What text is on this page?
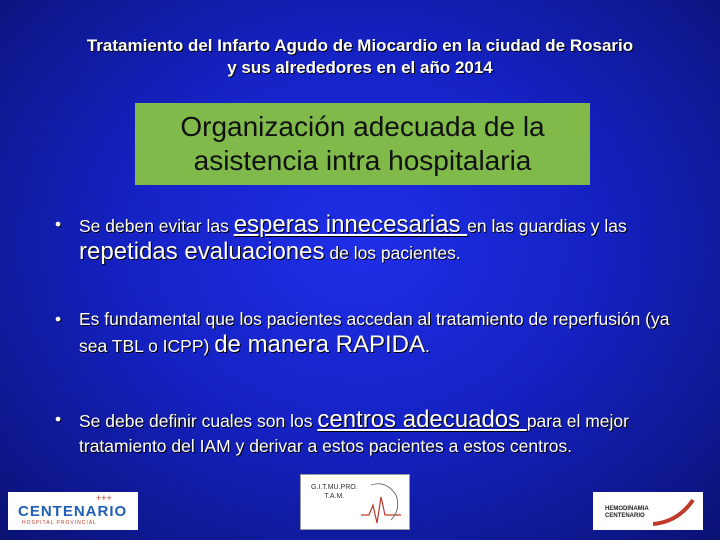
Tratamiento del Infarto Agudo de Miocardio en la ciudad de Rosario
y sus alrededores en el año 2014
Organización adecuada de la
asistencia intra hospitalaria
• Se deben evitar las esperas innecesarias en las guardias y las repetidas evaluaciones de los pacientes.
• Es fundamental que los pacientes accedan al tratamiento de reperfusión (ya sea TBL o ICPP) de manera RAPIDA.
• Se debe definir cuales son los centros adecuados para el mejor tratamiento del IAM y derivar a estos pacientes a estos centros.
+++
CENTENARIO
HOSPITAL PROVINCIAL
G.I.T.MU.PRO.
T.A.M.
HEMODINAMIA
CENTENARIO
